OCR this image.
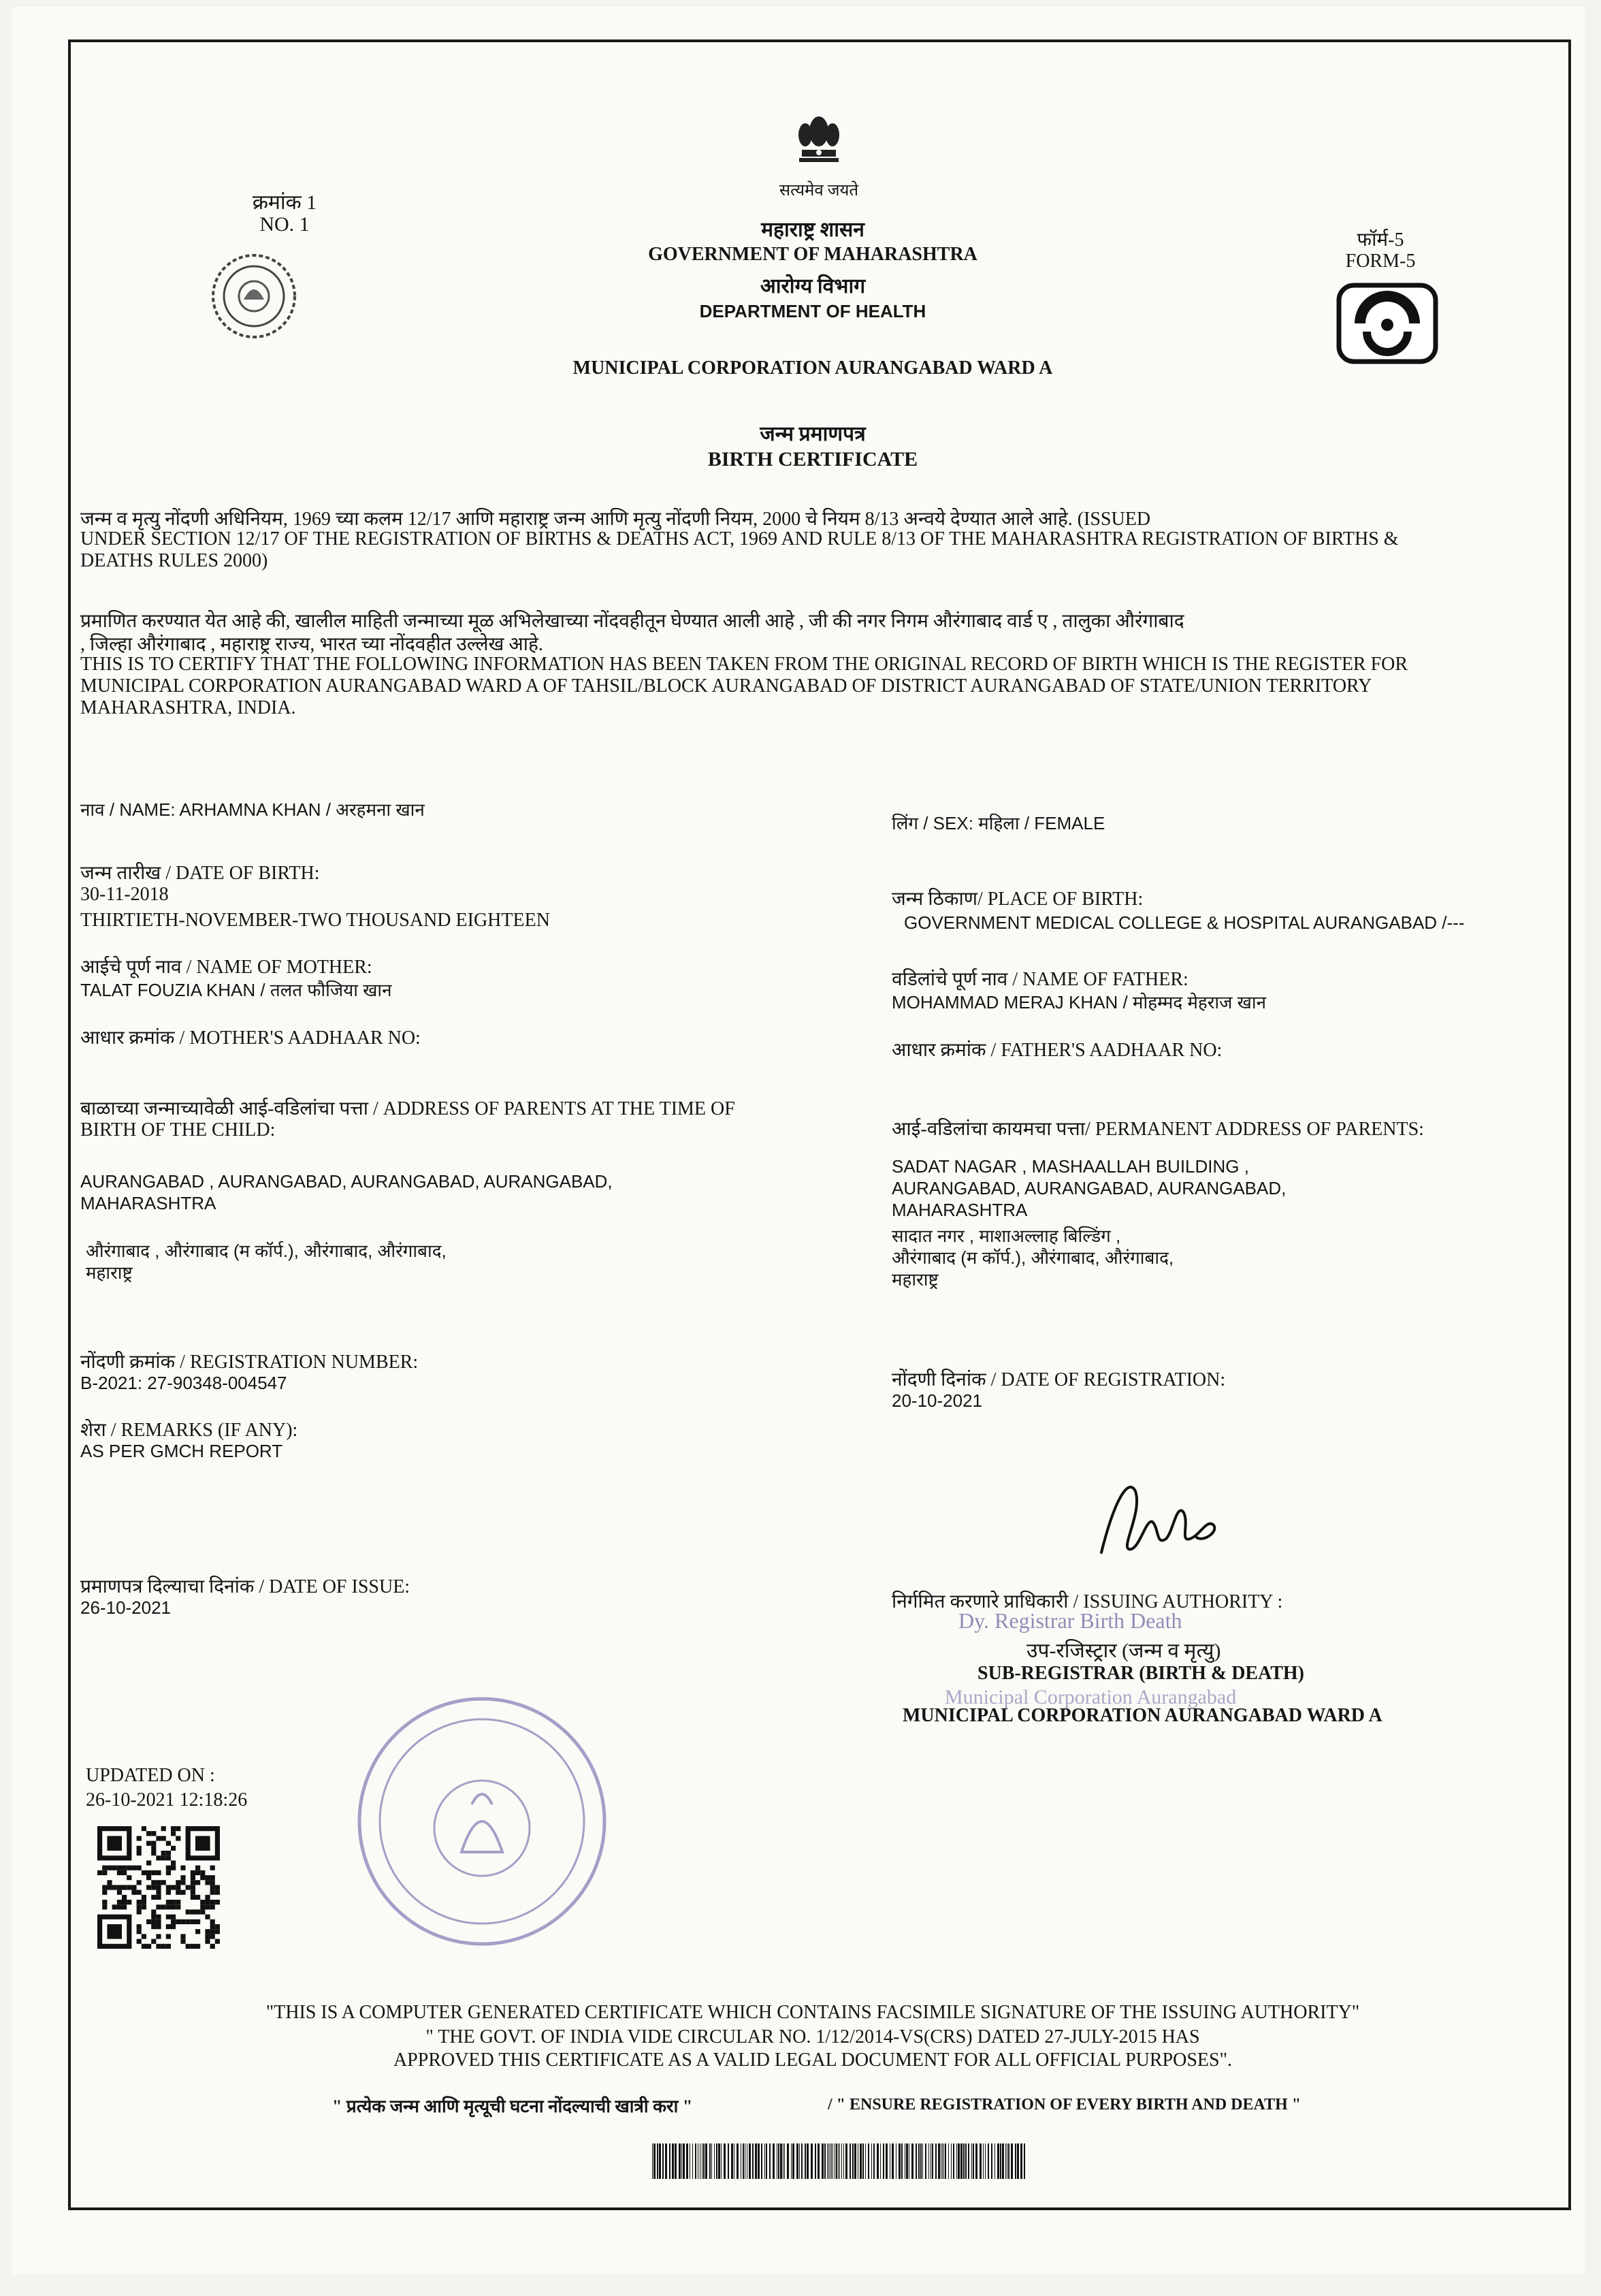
सत्यमेव जयते
क्रमांक 1
NO. 1	महाराष्ट्र शासन
GOVERNMENT OF MAHARASHTRA
आरोग्य विभाग
DEPARTMENT OF HEALTH
फॉर्म-5
FORM-5
MUNICIPAL CORPORATION AURANGABAD WARD A
जन्म प्रमाणपत्र
BIRTH CERTIFICATE
जन्म व मृत्यु नोंदणी अधिनियम, 1969 च्या कलम 12/17 आणि महाराष्ट्र जन्म आणि मृत्यु नोंदणी नियम, 2000 चे नियम 8/13 अन्वये देण्यात आले आहे. (ISSUED
UNDER SECTION 12/17 OF THE REGISTRATION OF BIRTHS & DEATHS ACT, 1969 AND RULE 8/13 OF THE MAHARASHTRA REGISTRATION OF BIRTHS &
DEATHS RULES 2000)
प्रमाणित करण्यात येत आहे की, खालील माहिती जन्माच्या मूळ अभिलेखाच्या नोंदवहीतून घेण्यात आली आहे , जी की नगर निगम औरंगाबाद वार्ड ए , तालुका औरंगाबाद
, जिल्हा औरंगाबाद , महाराष्ट्र राज्य, भारत च्या नोंदवहीत उल्लेख आहे.
THIS IS TO CERTIFY THAT THE FOLLOWING INFORMATION HAS BEEN TAKEN FROM THE ORIGINAL RECORD OF BIRTH WHICH IS THE REGISTER FOR
MUNICIPAL CORPORATION AURANGABAD WARD A OF TAHSIL/BLOCK AURANGABAD OF DISTRICT AURANGABAD OF STATE/UNION TERRITORY
MAHARASHTRA, INDIA.
नाव / NAME: ARHAMNA KHAN / अरहमना खान
लिंग / SEX: महिला / FEMALE
जन्म तारीख / DATE OF BIRTH:
30-11-2018
THIRTIETH-NOVEMBER-TWO THOUSAND EIGHTEEN
जन्म ठिकाण/ PLACE OF BIRTH:
GOVERNMENT MEDICAL COLLEGE & HOSPITAL AURANGABAD /---
आईचे पूर्ण नाव / NAME OF MOTHER:
TALAT FOUZIA KHAN / तलत फौजिया खान	वडिलांचे पूर्ण नाव / NAME OF FATHER:
MOHAMMAD MERAJ KHAN / मोहम्मद मेहराज खान
आधार क्रमांक / MOTHER'S AADHAAR NO:
आधार क्रमांक / FATHER'S AADHAAR NO:
बाळाच्या जन्माच्यावेळी आई-वडिलांचा पत्ता / ADDRESS OF PARENTS AT THE TIME OF
BIRTH OF THE CHILD:
AURANGABAD , AURANGABAD, AURANGABAD, AURANGABAD,
MAHARASHTRA
औरंगाबाद , औरंगाबाद (म कॉर्प.), औरंगाबाद, औरंगाबाद,
महाराष्ट्र
आई-वडिलांचा कायमचा पत्ता/ PERMANENT ADDRESS OF PARENTS:
SADAT NAGAR , MASHAALLAH BUILDING ,
AURANGABAD, AURANGABAD, AURANGABAD,
MAHARASHTRA
सादात नगर , माशाअल्लाह बिल्डिंग ,
औरंगाबाद (म कॉर्प.), औरंगाबाद, औरंगाबाद,
महाराष्ट्र
नोंदणी क्रमांक / REGISTRATION NUMBER:
B-2021: 27-90348-004547	नोंदणी दिनांक / DATE OF REGISTRATION:
20-10-2021
शेरा / REMARKS (IF ANY):
AS PER GMCH REPORT
प्रमाणपत्र दिल्याचा दिनांक / DATE OF ISSUE:
26-10-2021	निर्गमित करणारे प्राधिकारी / ISSUING AUTHORITY :
Dy. Registrar Birth Death
उप-रजिस्ट्रार (जन्म व मृत्यु)
SUB-REGISTRAR (BIRTH & DEATH)
Municipal Corporation Aurangabad
MUNICIPAL CORPORATION AURANGABAD WARD A
UPDATED ON :
26-10-2021 12:18:26
"THIS IS A COMPUTER GENERATED CERTIFICATE WHICH CONTAINS FACSIMILE SIGNATURE OF THE ISSUING AUTHORITY"
" THE GOVT. OF INDIA VIDE CIRCULAR NO. 1/12/2014-VS(CRS) DATED 27-JULY-2015 HAS
APPROVED THIS CERTIFICATE AS A VALID LEGAL DOCUMENT FOR ALL OFFICIAL PURPOSES".
" प्रत्येक जन्म आणि मृत्यूची घटना नोंदल्याची खात्री करा "	/ " ENSURE REGISTRATION OF EVERY BIRTH AND DEATH "
